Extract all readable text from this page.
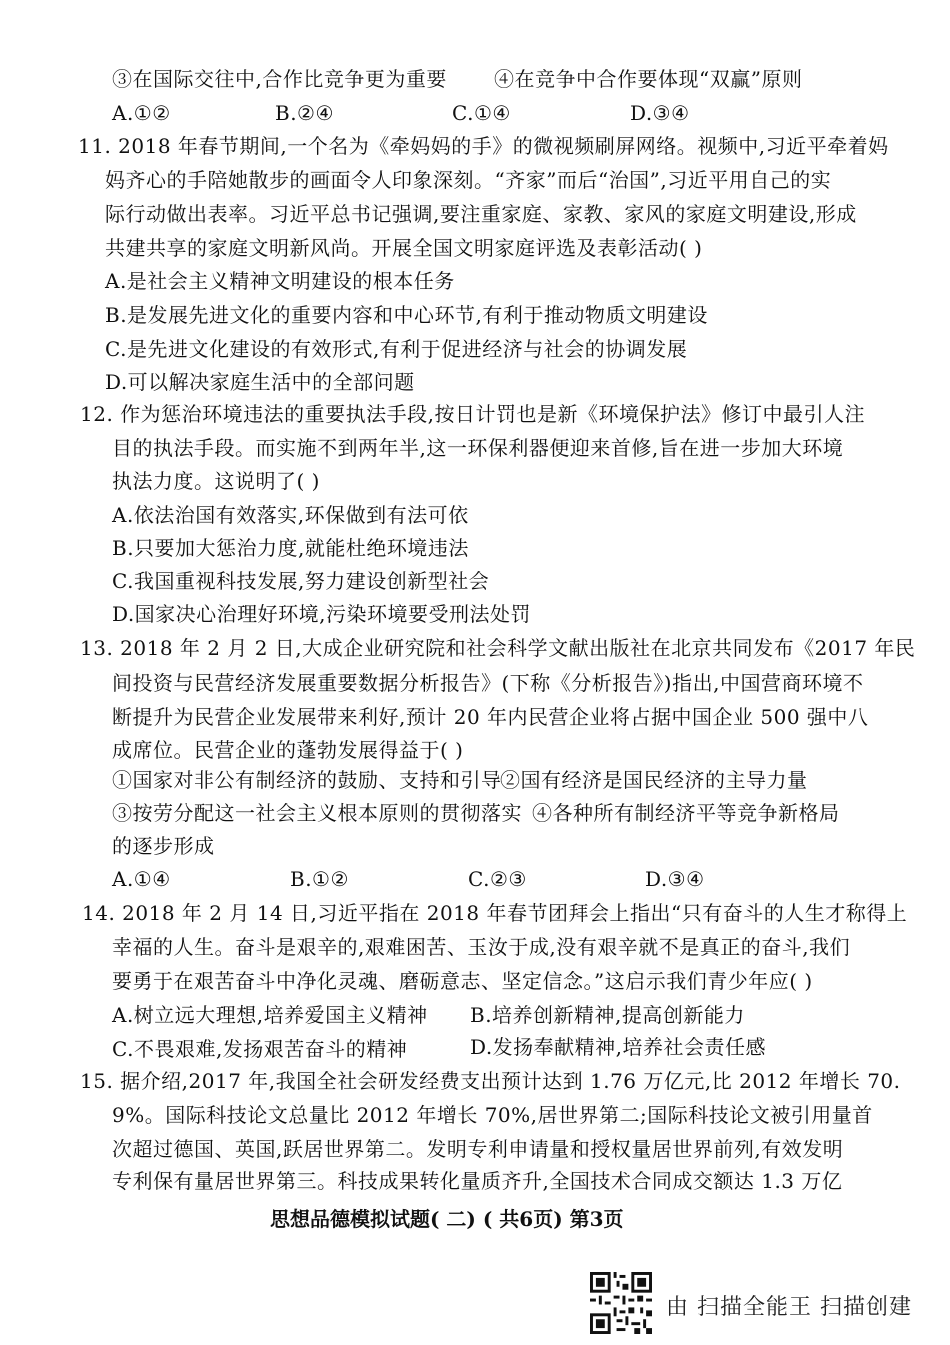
③在国际交往中,合作比竞争更为重要 ④在竞争中合作要体现“双赢”原则
A.①②	B.②④	C.①④	D.③④
11. 2018 年春节期间,一个名为《牵妈妈的手》的微视频刷屏网络。视频中,习近平牵着妈
妈齐心的手陪她散步的画面令人印象深刻。“齐家”而后“治国”,习近平用自己的实
际行动做出表率。习近平总书记强调,要注重家庭、家教、家风的家庭文明建设,形成
共建共享的家庭文明新风尚。开展全国文明家庭评选及表彰活动( )
A.是社会主义精神文明建设的根本任务
B.是发展先进文化的重要内容和中心环节,有利于推动物质文明建设
C.是先进文化建设的有效形式,有利于促进经济与社会的协调发展
D.可以解决家庭生活中的全部问题
12. 作为惩治环境违法的重要执法手段,按日计罚也是新《环境保护法》修订中最引人注
目的执法手段。而实施不到两年半,这一环保利器便迎来首修,旨在进一步加大环境
执法力度。这说明了( )
A.依法治国有效落实,环保做到有法可依
B.只要加大惩治力度,就能杜绝环境违法
C.我国重视科技发展,努力建设创新型社会
D.国家决心治理好环境,污染环境要受刑法处罚
13. 2018 年 2 月 2 日,大成企业研究院和社会科学文献出版社在北京共同发布《2017 年民
间投资与民营经济发展重要数据分析报告》(下称《分析报告》)指出,中国营商环境不
断提升为民营企业发展带来利好,预计 20 年内民营企业将占据中国企业 500 强中八
成席位。民营企业的蓬勃发展得益于( )
①国家对非公有制经济的鼓励、支持和引导
②国有经济是国民经济的主导力量
③按劳分配这一社会主义根本原则的贯彻落实 ④各种所有制经济平等竞争新格局
的逐步形成
A.①④	B.①②	C.②③	D.③④
14. 2018 年 2 月 14 日,习近平指在 2018 年春节团拜会上指出“只有奋斗的人生才称得上
幸福的人生。奋斗是艰辛的,艰难困苦、玉汝于成,没有艰辛就不是真正的奋斗,我们
要勇于在艰苦奋斗中净化灵魂、磨砺意志、坚定信念。”这启示我们青少年应( )
A.树立远大理想,培养爱国主义精神 B.培养创新精神,提高创新能力
C.不畏艰难,发扬艰苦奋斗的精神	D.发扬奉献精神,培养社会责任感
15. 据介绍,2017 年,我国全社会研发经费支出预计达到 1.76 万亿元,比 2012 年增长 70.
9%。国际科技论文总量比 2012 年增长 70%,居世界第二;国际科技论文被引用量首
次超过德国、英国,跃居世界第二。发明专利申请量和授权量居世界前列,有效发明
专利保有量居世界第三。科技成果转化量质齐升,全国技术合同成交额达 1.3 万亿
思想品德模拟试题( 二) ( 共6页) 第3页
由 扫描全能王 扫描创建
